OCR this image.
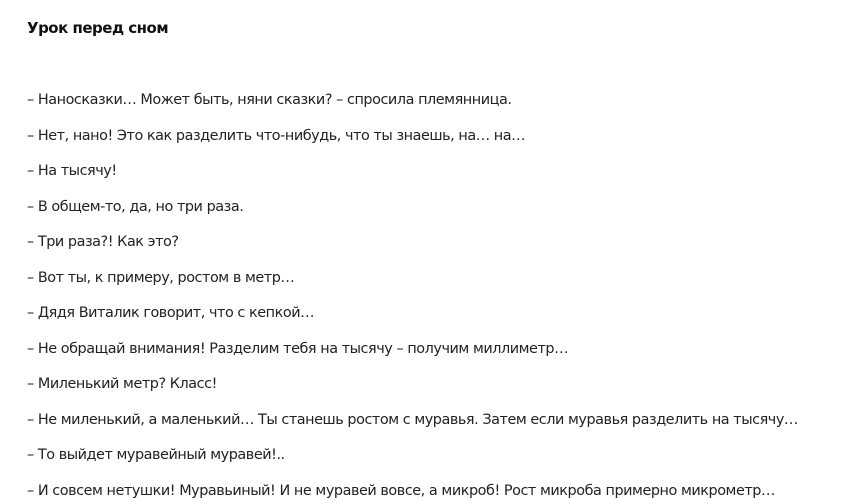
Урок перед сном
– Наносказки… Может быть, няни сказки? – спросила племянница.
– Нет, нано! Это как разделить что-нибудь, что ты знаешь, на… на…
– На тысячу!
– В общем-то, да, но три раза.
– Три раза?! Как это?
– Вот ты, к примеру, ростом в метр…
– Дядя Виталик говорит, что с кепкой…
– Не обращай внимания! Разделим тебя на тысячу – получим миллиметр…
– Миленький метр? Класс!
– Не миленький, а маленький… Ты станешь ростом с муравья. Затем если муравья разделить на тысячу…
– То выйдет муравейный муравей!..
– И совсем нетушки! Муравьиный! И не муравей вовсе, а микроб! Рост микроба примерно микрометр…
